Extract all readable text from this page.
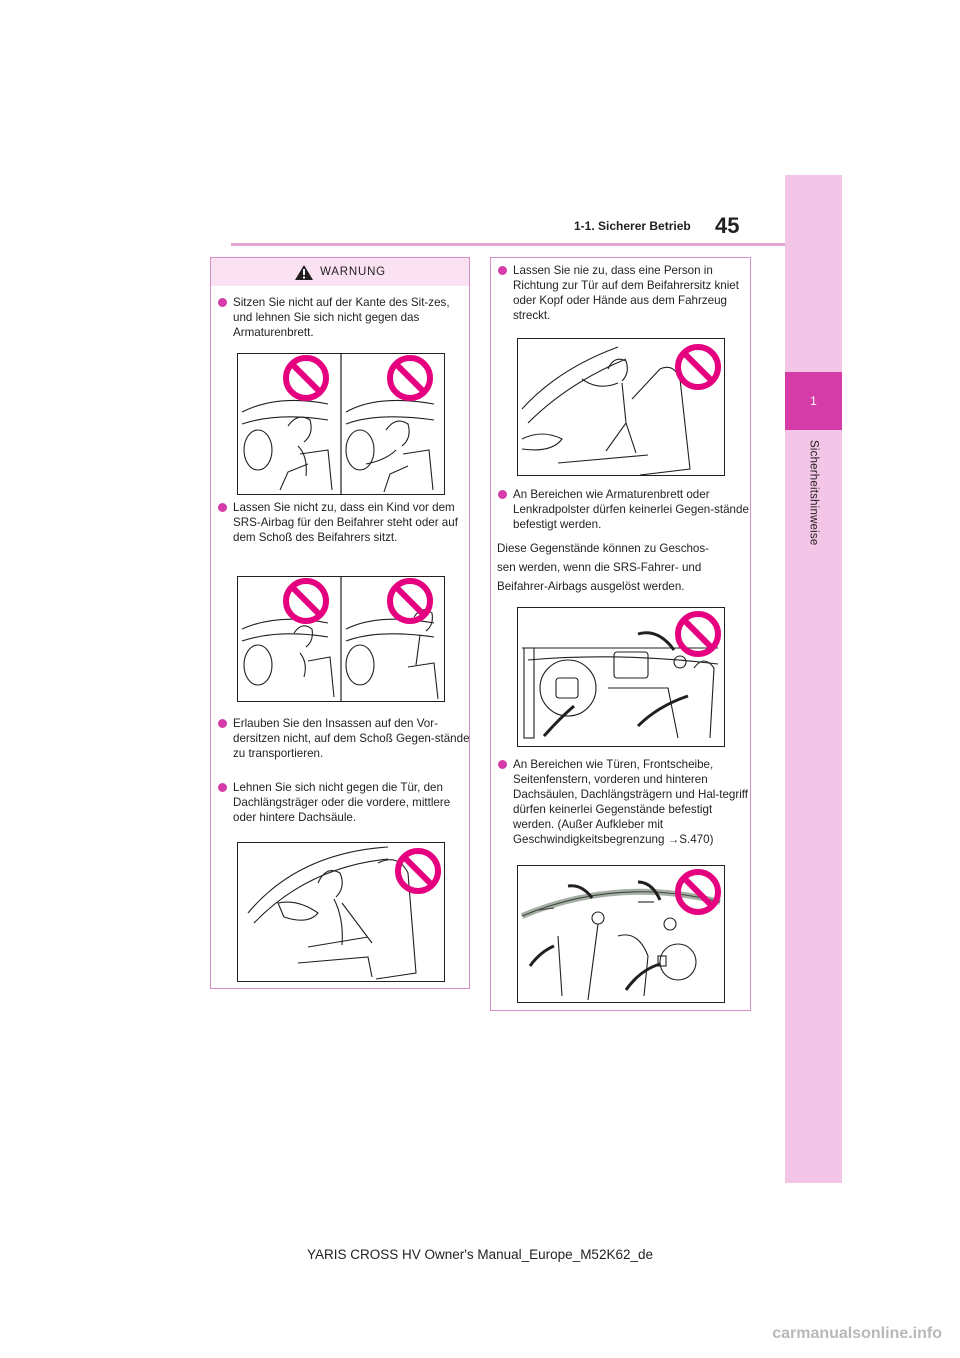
1
Sicherheitshinweise
45
1-1. Sicherer Betrieb
WARNUNG
Sitzen Sie nicht auf der Kante des Sit-zes, und lehnen Sie sich nicht gegen das Armaturenbrett.
Lassen Sie nicht zu, dass ein Kind vor dem SRS-Airbag für den Beifahrer steht oder auf dem Schoß des Beifahrers sitzt.
Erlauben Sie den Insassen auf den Vor-dersitzen nicht, auf dem Schoß Gegen-stände zu transportieren.
Lehnen Sie sich nicht gegen die Tür, den Dachlängsträger oder die vordere, mittlere oder hintere Dachsäule.
Lassen Sie nie zu, dass eine Person in Richtung zur Tür auf dem Beifahrersitz kniet oder Kopf oder Hände aus dem Fahrzeug streckt.
An Bereichen wie Armaturenbrett oder Lenkradpolster dürfen keinerlei Gegen-stände befestigt werden.
Diese Gegenstände können zu Geschos-
sen werden, wenn die SRS-Fahrer- und
Beifahrer-Airbags ausgelöst werden.
An Bereichen wie Türen, Frontscheibe, Seitenfenstern, vorderen und hinteren Dachsäulen, Dachlängsträgern und Hal-tegriff dürfen keinerlei Gegenstände befestigt werden. (Außer Aufkleber mit Geschwindigkeitsbegrenzung →S.470)
YARIS CROSS HV Owner's Manual_Europe_M52K62_de
carmanualsonline.info
